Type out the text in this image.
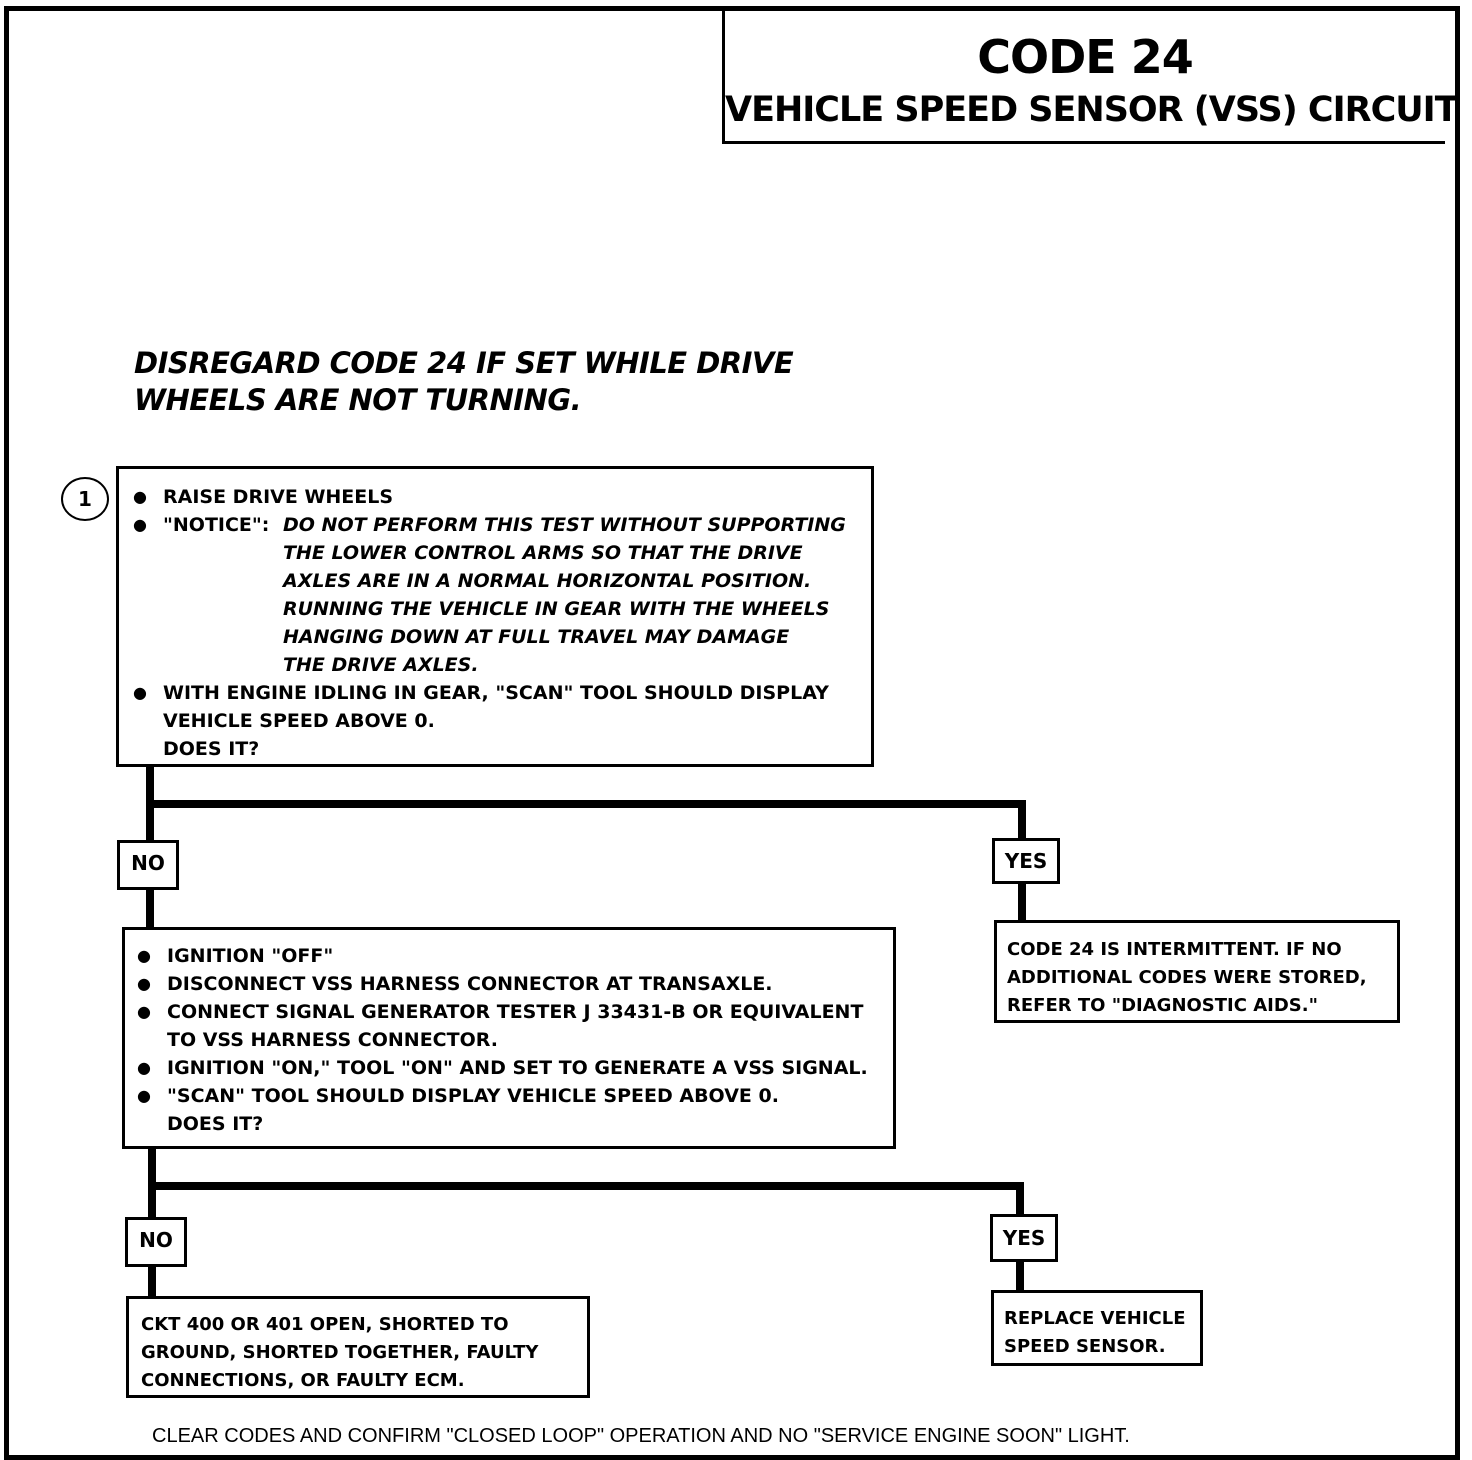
CODE 24
VEHICLE SPEED SENSOR (VSS) CIRCUIT
DISREGARD CODE 24 IF SET WHILE DRIVE
WHEELS ARE NOT TURNING.
1
●	RAISE DRIVE WHEELS
● "NOTICE": DO NOT PERFORM THIS TEST WITHOUT SUPPORTING
THE LOWER CONTROL ARMS SO THAT THE DRIVE
AXLES ARE IN A NORMAL HORIZONTAL POSITION.
RUNNING THE VEHICLE IN GEAR WITH THE WHEELS
HANGING DOWN AT FULL TRAVEL MAY DAMAGE
THE DRIVE AXLES.
● WITH ENGINE IDLING IN GEAR, "SCAN" TOOL SHOULD DISPLAY
VEHICLE SPEED ABOVE 0.
DOES IT?
NO	YES
CODE 24 IS INTERMITTENT. IF NO
ADDITIONAL CODES WERE STORED,
REFER TO "DIAGNOSTIC AIDS."
● IGNITION "OFF"
● DISCONNECT VSS HARNESS CONNECTOR AT TRANSAXLE.
● CONNECT SIGNAL GENERATOR TESTER J 33431-B OR EQUIVALENT
TO VSS HARNESS CONNECTOR.
● IGNITION "ON," TOOL "ON" AND SET TO GENERATE A VSS SIGNAL.
● "SCAN" TOOL SHOULD DISPLAY VEHICLE SPEED ABOVE 0.
DOES IT?
NO	YES
CKT 400 OR 401 OPEN, SHORTED TO
GROUND, SHORTED TOGETHER, FAULTY
CONNECTIONS, OR FAULTY ECM.
REPLACE VEHICLE
SPEED SENSOR.
CLEAR CODES AND CONFIRM "CLOSED LOOP" OPERATION AND NO "SERVICE ENGINE SOON" LIGHT.
